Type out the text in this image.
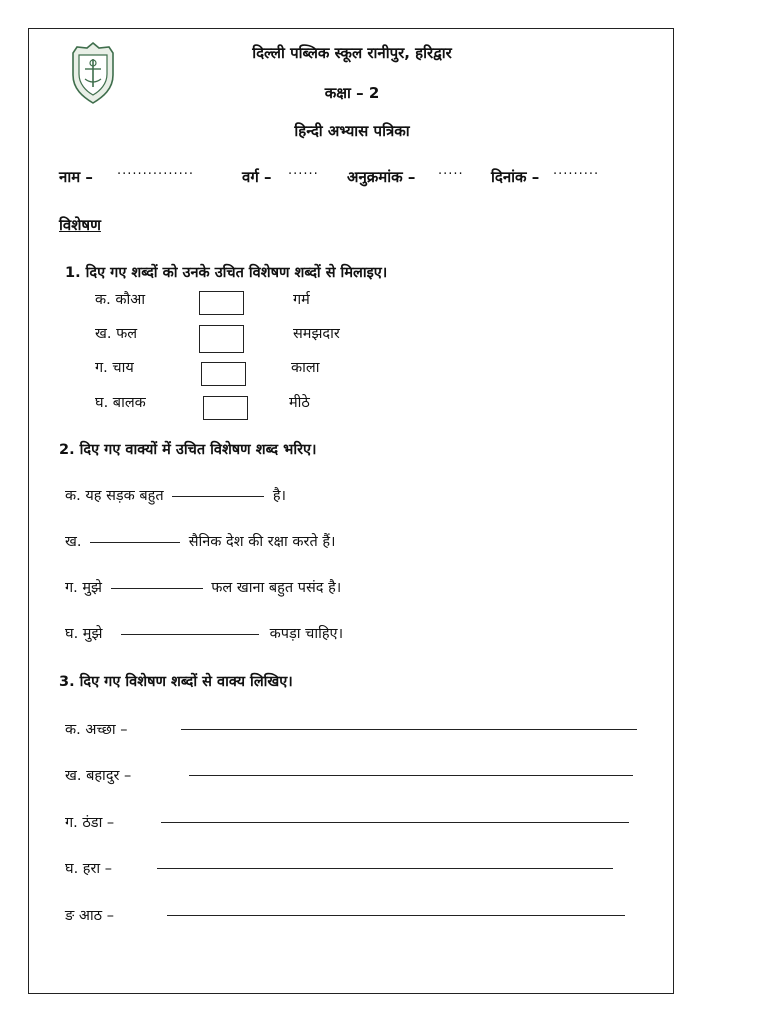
दिल्ली पब्लिक स्कूल रानीपुर, हरिद्वार
कक्षा – 2
हिन्दी अभ्यास पत्रिका
नाम – ...............	वर्ग – ...... अनुक्रमांक – ..... दिनांक – .........
विशेषण
1. दिए गए शब्दों को उनके उचित विशेषण शब्दों से मिलाइए।
क. कौआ
ख. फल
ग. चाय
घ. बालक
गर्म
समझदार
काला
मीठे
2. दिए गए वाक्यों में उचित विशेषण शब्द भरिए।
क. यह सड़क बहुत	है।
ख.	सैनिक देश की रक्षा करते हैं।
ग. मुझे	फल खाना बहुत पसंद है।
घ. मुझे	कपड़ा चाहिए।
3. दिए गए विशेषण शब्दों से वाक्य लिखिए।
क. अच्छा –
ख. बहादुर –
ग. ठंडा –
घ. हरा –
ङ आठ –
